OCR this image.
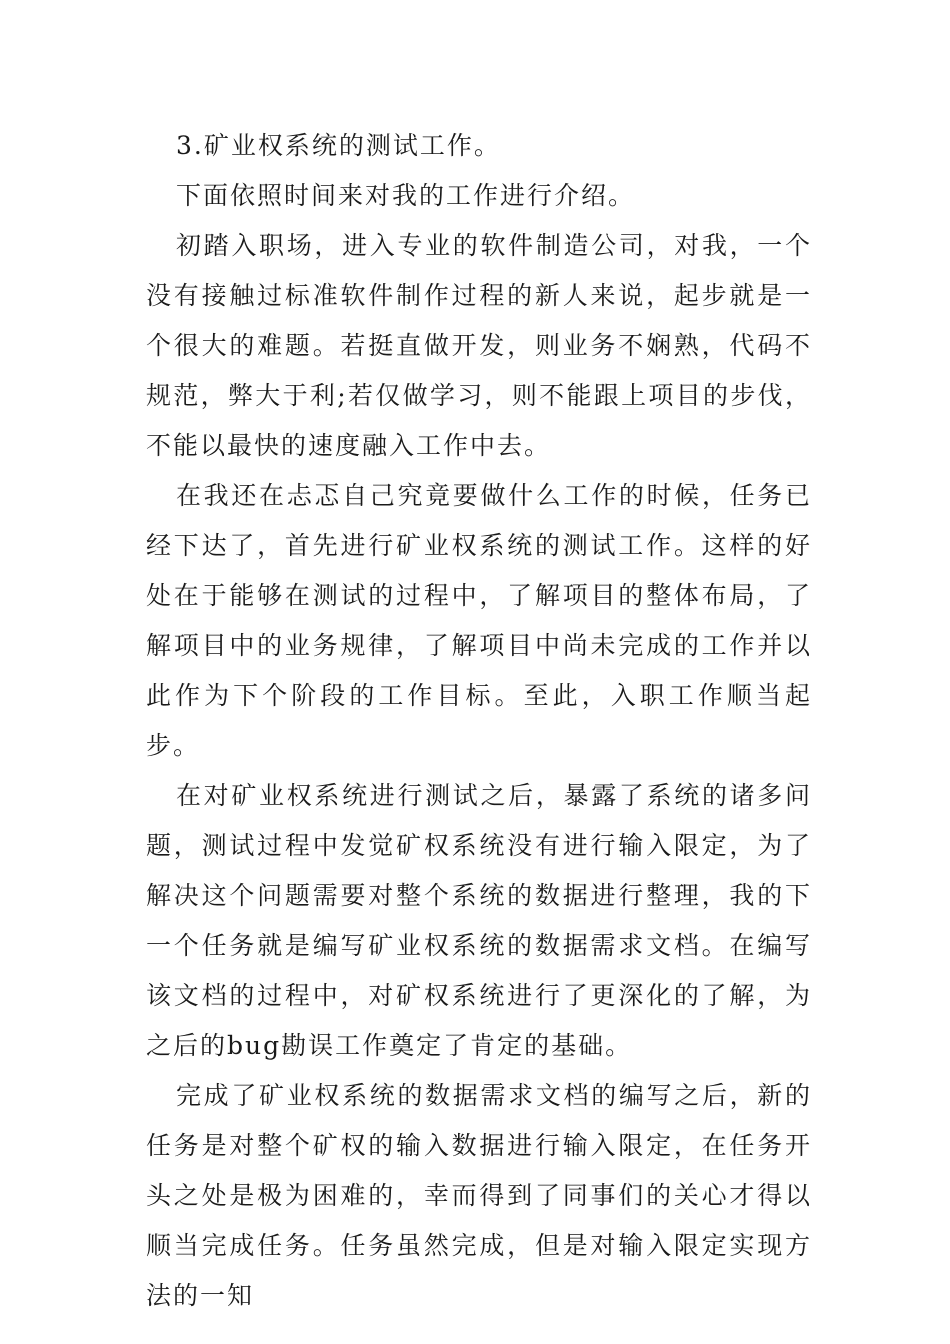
3.矿业权系统的测试工作。

下面依照时间来对我的工作进行介绍。

初踏入职场，进入专业的软件制造公司，对我，一个没有接触过标准软件制作过程的新人来说，起步就是一个很大的难题。若挺直做开发，则业务不娴熟，代码不规范，弊大于利;若仅做学习，则不能跟上项目的步伐，不能以最快的速度融入工作中去。

在我还在忐忑自己究竟要做什么工作的时候，任务已经下达了，首先进行矿业权系统的测试工作。这样的好处在于能够在测试的过程中，了解项目的整体布局，了解项目中的业务规律，了解项目中尚未完成的工作并以此作为下个阶段的工作目标。至此，入职工作顺当起步。

在对矿业权系统进行测试之后，暴露了系统的诸多问题，测试过程中发觉矿权系统没有进行输入限定，为了解决这个问题需要对整个系统的数据进行整理，我的下一个任务就是编写矿业权系统的数据需求文档。在编写该文档的过程中，对矿权系统进行了更深化的了解，为之后的bug勘误工作奠定了肯定的基础。

完成了矿业权系统的数据需求文档的编写之后，新的任务是对整个矿权的输入数据进行输入限定，在任务开头之处是极为困难的，幸而得到了同事们的关心才得以顺当完成任务。任务虽然完成，但是对输入限定实现方法的一知
